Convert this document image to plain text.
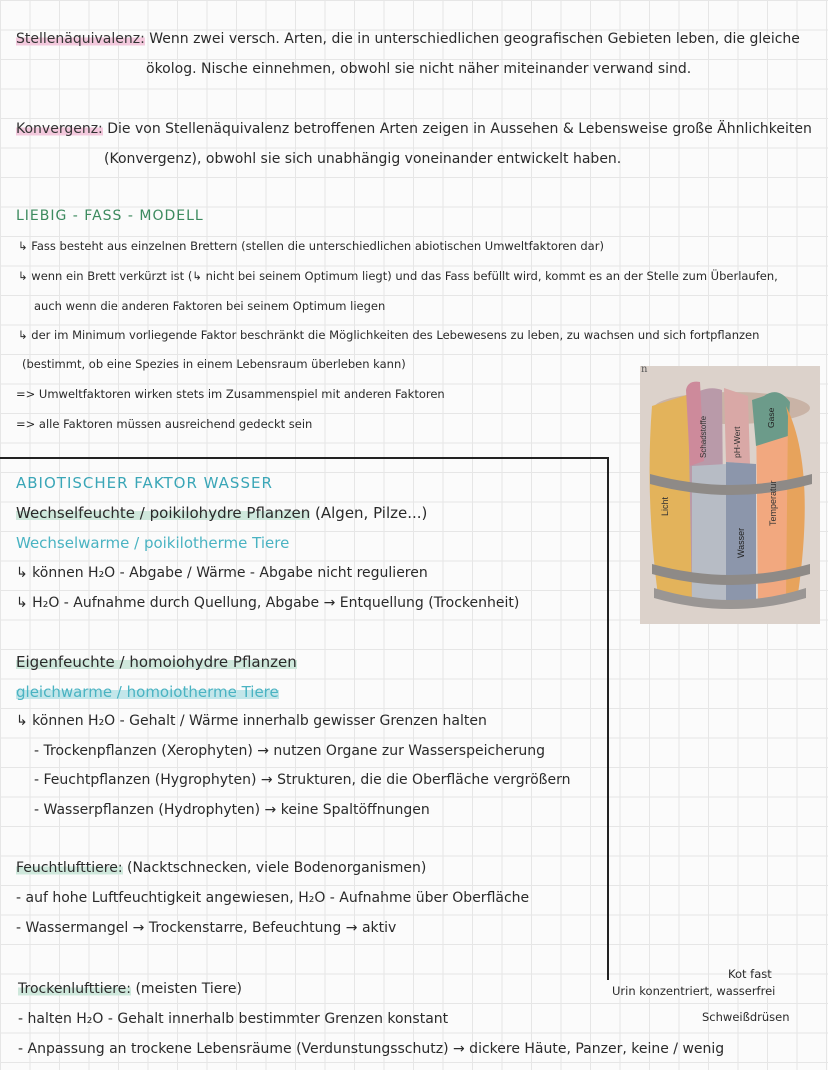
Stellenäquivalenz: Wenn zwei versch. Arten, die in unterschiedlichen geografischen Gebieten leben, die gleiche
ökolog. Nische einnehmen, obwohl sie nicht näher miteinander verwand sind.
Konvergenz: Die von Stellenäquivalenz betroffenen Arten zeigen in Aussehen & Lebensweise große Ähnlichkeiten
(Konvergenz), obwohl sie sich unabhängig voneinander entwickelt haben.
LIEBIG - FASS - MODELL
↳ Fass besteht aus einzelnen Brettern (stellen die unterschiedlichen abiotischen Umweltfaktoren dar)
↳ wenn ein Brett verkürzt ist (↳ nicht bei seinem Optimum liegt) und das Fass befüllt wird, kommt es an der Stelle zum Überlaufen,
auch wenn die anderen Faktoren bei seinem Optimum liegen
↳ der im Minimum vorliegende Faktor beschränkt die Möglichkeiten des Lebewesens zu leben, zu wachsen und sich fortpflanzen
(bestimmt, ob eine Spezies in einem Lebensraum überleben kann)
=> Umweltfaktoren wirken stets im Zusammenspiel mit anderen Faktoren
=> alle Faktoren müssen ausreichend gedeckt sein
Licht
Schadstoffe	pH-Wert
Gase
Wasser
Temperatur
n
ABIOTISCHER FAKTOR WASSER
Wechselfeuchte / poikilohydre Pflanzen (Algen, Pilze...)
Wechselwarme / poikilotherme Tiere
↳ können H₂O - Abgabe / Wärme - Abgabe nicht regulieren
↳ H₂O - Aufnahme durch Quellung, Abgabe → Entquellung (Trockenheit)
Eigenfeuchte / homoiohydre Pflanzen
gleichwarme / homoiotherme Tiere
↳ können H₂O - Gehalt / Wärme innerhalb gewisser Grenzen halten
- Trockenpflanzen (Xerophyten) → nutzen Organe zur Wasserspeicherung
- Feuchtpflanzen (Hygrophyten) → Strukturen, die die Oberfläche vergrößern
- Wasserpflanzen (Hydrophyten) → keine Spaltöffnungen
Feuchtlufttiere: (Nacktschnecken, viele Bodenorganismen)
- auf hohe Luftfeuchtigkeit angewiesen, H₂O - Aufnahme über Oberfläche
- Wassermangel → Trockenstarre, Befeuchtung → aktiv
Trockenlufttiere: (meisten Tiere)
- halten H₂O - Gehalt innerhalb bestimmter Grenzen konstant
- Anpassung an trockene Lebensräume (Verdunstungsschutz) → dickere Häute, Panzer, keine / wenig
Kot fast
Urin konzentriert, wasserfrei
Schweißdrüsen
